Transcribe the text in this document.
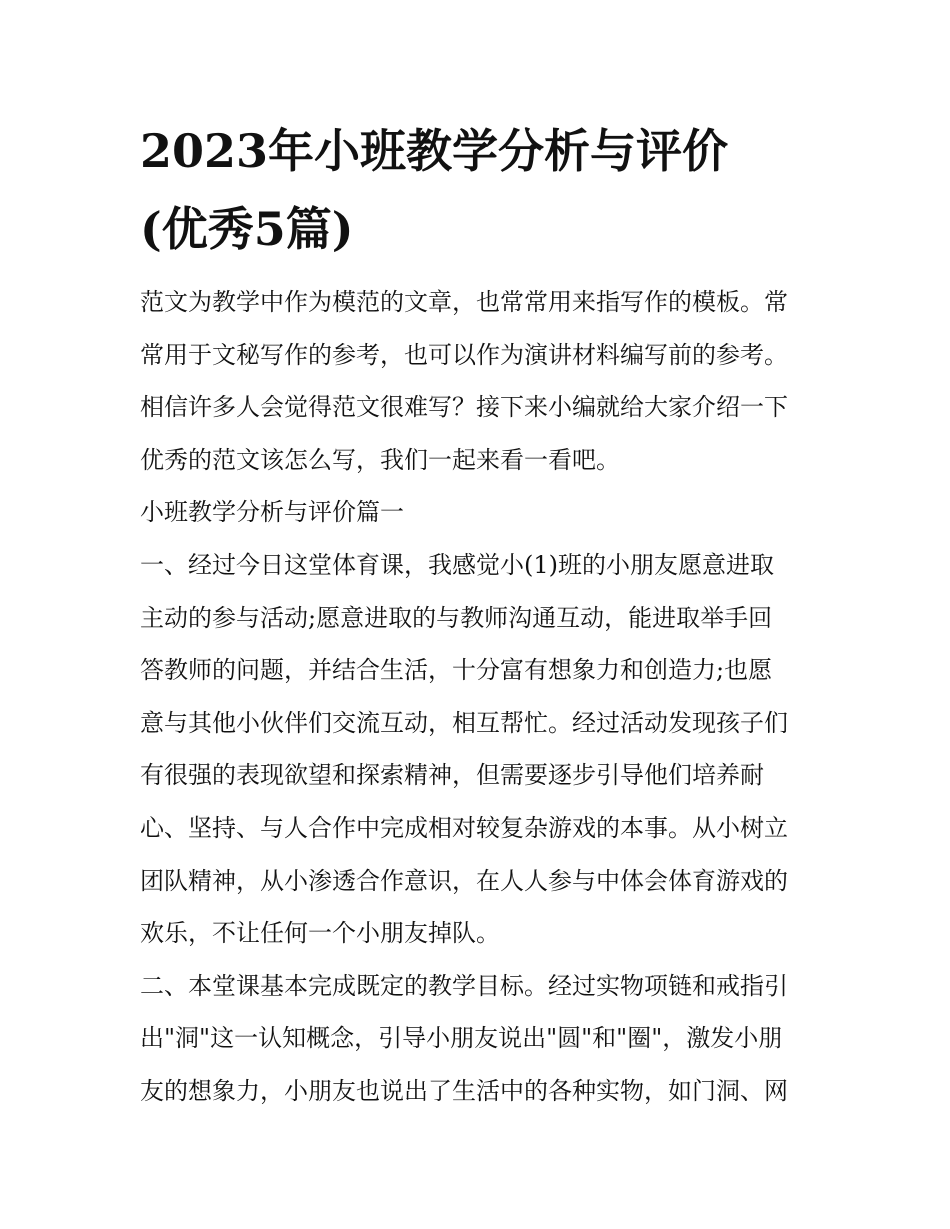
2023年小班教学分析与评价
(优秀5篇)

范文为教学中作为模范的文章，也常常用来指写作的模板。常
常用于文秘写作的参考，也可以作为演讲材料编写前的参考。
相信许多人会觉得范文很难写？接下来小编就给大家介绍一下
优秀的范文该怎么写，我们一起来看一看吧。

小班教学分析与评价篇一

一、经过今日这堂体育课，我感觉小(1)班的小朋友愿意进取
主动的参与活动;愿意进取的与教师沟通互动，能进取举手回
答教师的问题，并结合生活，十分富有想象力和创造力;也愿
意与其他小伙伴们交流互动，相互帮忙。经过活动发现孩子们
有很强的表现欲望和探索精神，但需要逐步引导他们培养耐
心、坚持、与人合作中完成相对较复杂游戏的本事。从小树立
团队精神，从小渗透合作意识，在人人参与中体会体育游戏的
欢乐，不让任何一个小朋友掉队。

二、本堂课基本完成既定的教学目标。经过实物项链和戒指引
出"洞"这一认知概念，引导小朋友说出"圆"和"圈"，激发小朋
友的想象力，小朋友也说出了生活中的各种实物，如门洞、网
